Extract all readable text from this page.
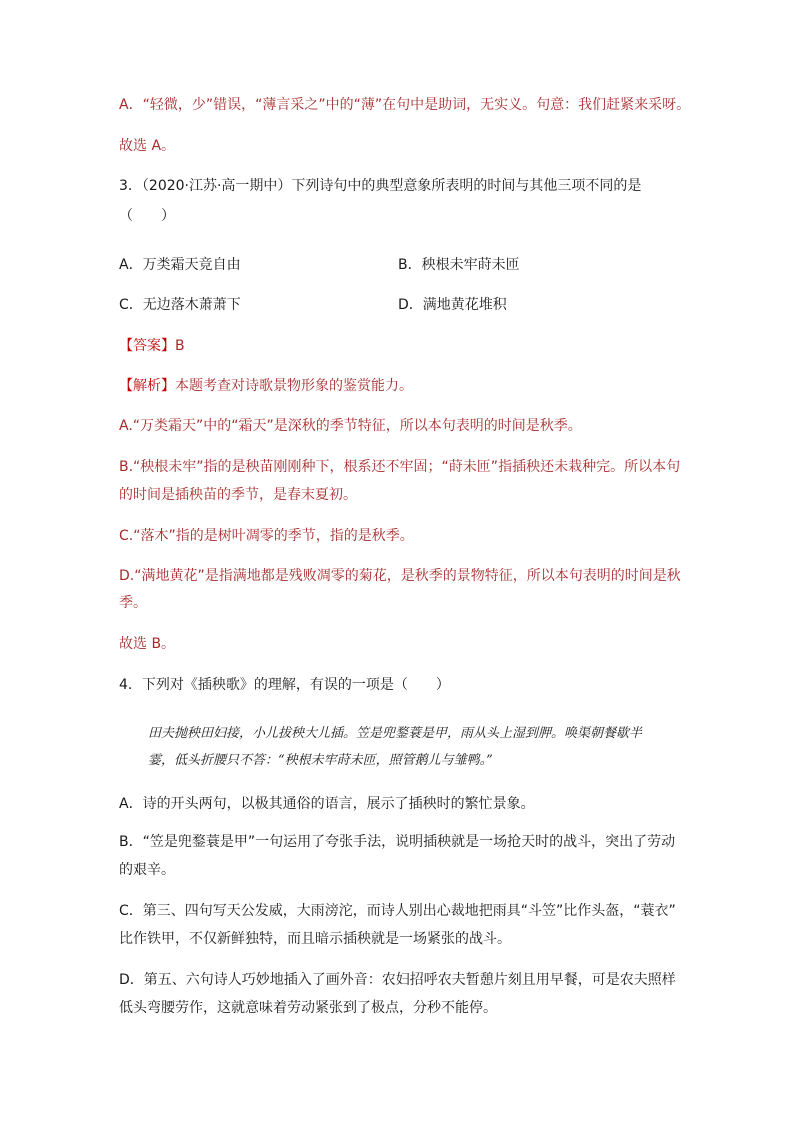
A．“轻微，少”错误，“薄言采之”中的“薄”在句中是助词，无实义。句意：我们赶紧来采呀。
故选 A。
3．（2020·江苏·高一期中）下列诗句中的典型意象所表明的时间与其他三项不同的是
（　　）
A．万类霜天竞自由	B．秧根未牢莳未匝
C．无边落木萧萧下	D．满地黄花堆积
【答案】B
【解析】本题考查对诗歌景物形象的鉴赏能力。
A.“万类霜天”中的“霜天”是深秋的季节特征，所以本句表明的时间是秋季。
B.“秧根未牢”指的是秧苗刚刚种下，根系还不牢固；“莳未匝”指插秧还未栽种完。所以本句
的时间是插秧苗的季节，是春末夏初。
C.“落木”指的是树叶凋零的季节，指的是秋季。
D.“满地黄花”是指满地都是残败凋零的菊花，是秋季的景物特征，所以本句表明的时间是秋
季。
故选 B。
4．下列对《插秧歌》的理解，有误的一项是（　　）
田夫抛秧田妇接，小儿拔秧大儿插。笠是兜鍪蓑是甲，雨从头上湿到胛。唤渠朝餐歇半
霎，低头折腰只不答：“秧根未牢莳未匝，照管鹅儿与雏鸭。”
A．诗的开头两句，以极其通俗的语言，展示了插秧时的繁忙景象。
B．“笠是兜鍪蓑是甲”一句运用了夸张手法，说明插秧就是一场抢天时的战斗，突出了劳动
的艰辛。
C．第三、四句写天公发威，大雨滂沱，而诗人别出心裁地把雨具“斗笠”比作头盔，“蓑衣”
比作铁甲，不仅新鲜独特，而且暗示插秧就是一场紧张的战斗。
D．第五、六句诗人巧妙地插入了画外音：农妇招呼农夫暂憩片刻且用早餐，可是农夫照样
低头弯腰劳作，这就意味着劳动紧张到了极点，分秒不能停。
